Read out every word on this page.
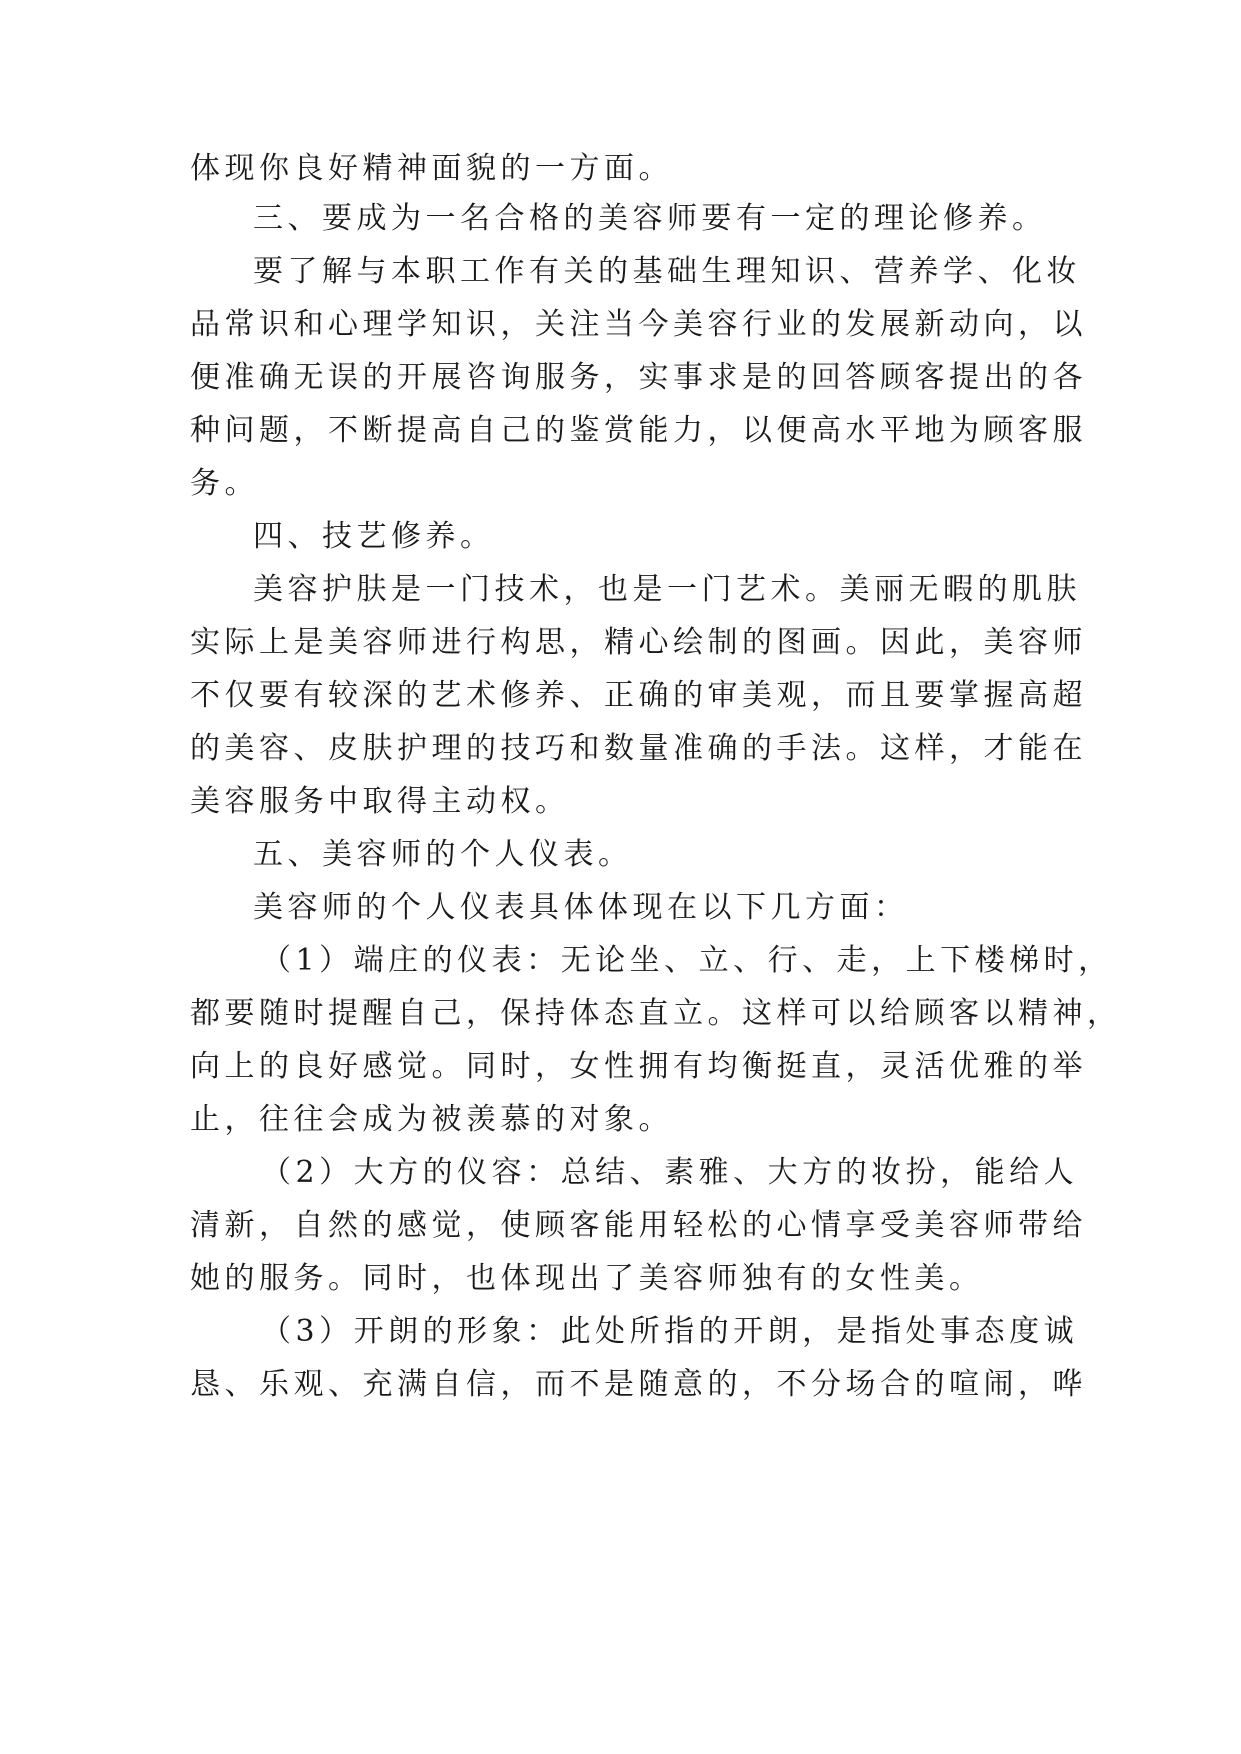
体现你良好精神面貌的一方面。

三、要成为一名合格的美容师要有一定的理论修养。

要了解与本职工作有关的基础生理知识、营养学、化妆

品常识和心理学知识，关注当今美容行业的发展新动向，以

便准确无误的开展咨询服务，实事求是的回答顾客提出的各

种问题，不断提高自己的鉴赏能力，以便高水平地为顾客服

务。

四、技艺修养。

美容护肤是一门技术，也是一门艺术。美丽无暇的肌肤

实际上是美容师进行构思，精心绘制的图画。因此，美容师

不仅要有较深的艺术修养、正确的审美观，而且要掌握高超

的美容、皮肤护理的技巧和数量准确的手法。这样，才能在

美容服务中取得主动权。

五、美容师的个人仪表。

美容师的个人仪表具体体现在以下几方面：

（1）端庄的仪表：无论坐、立、行、走，上下楼梯时，

都要随时提醒自己，保持体态直立。这样可以给顾客以精神，

向上的良好感觉。同时，女性拥有均衡挺直，灵活优雅的举

止，往往会成为被羡慕的对象。

（2）大方的仪容：总结、素雅、大方的妆扮，能给人

清新，自然的感觉，使顾客能用轻松的心情享受美容师带给

她的服务。同时，也体现出了美容师独有的女性美。

（3）开朗的形象：此处所指的开朗，是指处事态度诚

恳、乐观、充满自信，而不是随意的，不分场合的喧闹，哗
